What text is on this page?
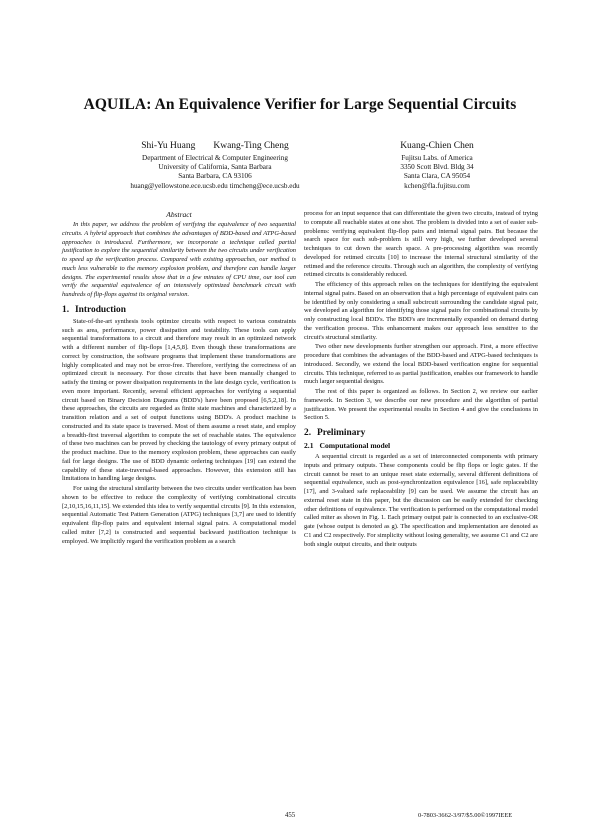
AQUILA: An Equivalence Verifier for Large Sequential Circuits
Shi-Yu Huang Kwang-Ting Cheng
Department of Electrical & Computer Engineering
University of California, Santa Barbara
Santa Barbara, CA 93106
huang@yellowstone.ece.ucsb.edu timcheng@ece.ucsb.edu
Kuang-Chien Chen
Fujitsu Labs. of America
3350 Scott Blvd. Bldg 34
Santa Clara, CA 95054
kchen@fla.fujitsu.com
Abstract

In this paper, we address the problem of verifying the equivalence of two sequential circuits. A hybrid approach that combines the advantages of BDD-based and ATPG-based approaches is introduced. Furthermore, we incorporate a technique called partial justification to explore the sequential similarity between the two circuits under verification to speed up the verification process. Compared with existing approaches, our method is much less vulnerable to the memory explosion problem, and therefore can handle larger designs. The experimental results show that in a few minutes of CPU time, our tool can verify the sequential equivalence of an intensively optimized benchmark circuit with hundreds of flip-flops against its original version.

1. Introduction

State-of-the-art synthesis tools optimize circuits with respect to various constraints such as area, performance, power dissipation and testability. These tools can apply sequential transformations to a circuit and therefore may result in an optimized network with a different number of flip-flops [1,4,5,8]. Even though these transformations are correct by construction, the software programs that implement these transformations are highly complicated and may not be error-free. Therefore, verifying the correctness of an optimized circuit is necessary. For those circuits that have been manually changed to satisfy the timing or power dissipation requirements in the late design cycle, verification is even more important. Recently, several efficient approaches for verifying a sequential circuit based on Binary Decision Diagrams (BDD's) have been proposed [6,5,2,18]. In these approaches, the circuits are regarded as finite state machines and characterized by a transition relation and a set of output functions using BDD's. A product machine is constructed and its state space is traversed. Most of them assume a reset state, and employ a breadth-first traversal algorithm to compute the set of reachable states. The equivalence of these two machines can be proved by checking the tautology of every primary output of the product machine. Due to the memory explosion problem, these approaches can easily fail for large designs. The use of BDD dynamic ordering techniques [19] can extend the capability of these state-traversal-based approaches. However, this extension still has limitations in handling large designs.

For using the structural similarity between the two circuits under verification has been shown to be effective to reduce the complexity of verifying combinational circuits [2,10,15,16,11,15]. We extended this idea to verify sequential circuits [9]. In this extension, sequential Automatic Test Pattern Generation (ATPG) techniques [3,7] are used to identify equivalent flip-flop pairs and equivalent internal signal pairs. A computational model called miter [7,2] is constructed and sequential backward justification technique is employed. We implicitly regard the verification problem as a search

process for an input sequence that can differentiate the given two circuits, instead of trying to compute all reachable states at one shot. The problem is divided into a set of easier sub-problems: verifying equivalent flip-flop pairs and internal signal pairs. But because the search space for each sub-problem is still very high, we further developed several techniques to cut down the search space. A pre-processing algorithm was recently developed for retimed circuits [10] to increase the internal structural similarity of the retimed and the reference circuits. Through such an algorithm, the complexity of verifying retimed circuits is considerably reduced.

The efficiency of this approach relies on the techniques for identifying the equivalent internal signal pairs. Based on an observation that a high percentage of equivalent pairs can be identified by only considering a small subcircuit surrounding the candidate signal pair, we developed an algorithm for identifying those signal pairs for combinational circuits by only constructing local BDD's. The BDD's are incrementally expanded on demand during the verification process. This enhancement makes our approach less sensitive to the circuit's structural similarity.

Two other new developments further strengthen our approach. First, a more effective procedure that combines the advantages of the BDD-based and ATPG-based techniques is introduced. Secondly, we extend the local BDD-based verification engine for sequential circuits. This technique, referred to as partial justification, enables our framework to handle much larger sequential designs.

The rest of this paper is organized as follows. In Section 2, we review our earlier framework. In Section 3, we describe our new procedure and the algorithm of partial justification. We present the experimental results in Section 4 and give the conclusions in Section 5.

2. Preliminary
2.1 Computational model

A sequential circuit is regarded as a set of interconnected components with primary inputs and primary outputs. These components could be flip flops or logic gates. If the circuit cannot be reset to an unique reset state externally, several different definitions of sequential equivalence, such as post-synchronization equivalence [16], safe replaceability [17], and 3-valued safe replaceability [9] can be used. We assume the circuit has an external reset state in this paper, but the discussion can be easily extended for checking other definitions of equivalence. The verification is performed on the computational model called miter as shown in Fig. 1. Each primary output pair is connected to an exclusive-OR gate (whose output is denoted as g). The specification and implementation are denoted as C1 and C2 respectively. For simplicity without losing generality, we assume C1 and C2 are both single output circuits, and their outputs

455	0-7803-3662-3/97/$5.00©1997IEEE
